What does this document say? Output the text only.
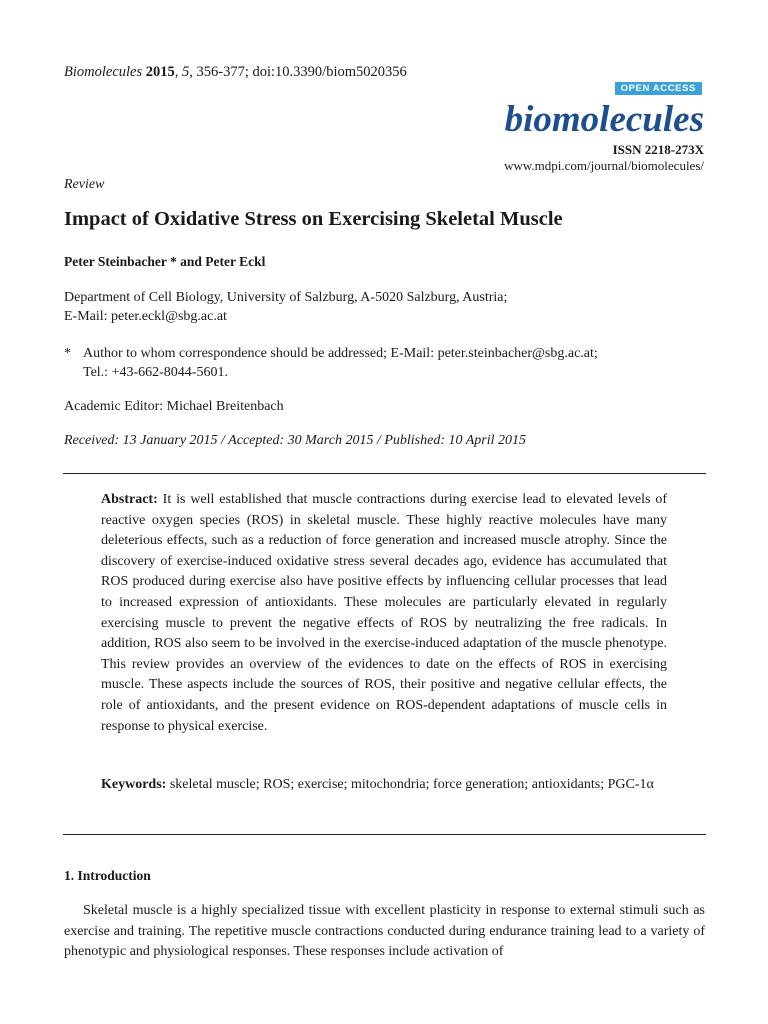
Biomolecules 2015, 5, 356-377; doi:10.3390/biom5020356
OPEN ACCESS
biomolecules
ISSN 2218-273X
www.mdpi.com/journal/biomolecules/
Review
Impact of Oxidative Stress on Exercising Skeletal Muscle
Peter Steinbacher * and Peter Eckl
Department of Cell Biology, University of Salzburg, A-5020 Salzburg, Austria;
E-Mail: peter.eckl@sbg.ac.at
* Author to whom correspondence should be addressed; E-Mail: peter.steinbacher@sbg.ac.at;
Tel.: +43-662-8044-5601.
Academic Editor: Michael Breitenbach
Received: 13 January 2015 / Accepted: 30 March 2015 / Published: 10 April 2015
Abstract: It is well established that muscle contractions during exercise lead to elevated levels of reactive oxygen species (ROS) in skeletal muscle. These highly reactive molecules have many deleterious effects, such as a reduction of force generation and increased muscle atrophy. Since the discovery of exercise-induced oxidative stress several decades ago, evidence has accumulated that ROS produced during exercise also have positive effects by influencing cellular processes that lead to increased expression of antioxidants. These molecules are particularly elevated in regularly exercising muscle to prevent the negative effects of ROS by neutralizing the free radicals. In addition, ROS also seem to be involved in the exercise-induced adaptation of the muscle phenotype. This review provides an overview of the evidences to date on the effects of ROS in exercising muscle. These aspects include the sources of ROS, their positive and negative cellular effects, the role of antioxidants, and the present evidence on ROS-dependent adaptations of muscle cells in response to physical exercise.
Keywords: skeletal muscle; ROS; exercise; mitochondria; force generation; antioxidants; PGC-1α
1. Introduction
Skeletal muscle is a highly specialized tissue with excellent plasticity in response to external stimuli such as exercise and training. The repetitive muscle contractions conducted during endurance training lead to a variety of phenotypic and physiological responses. These responses include activation of
